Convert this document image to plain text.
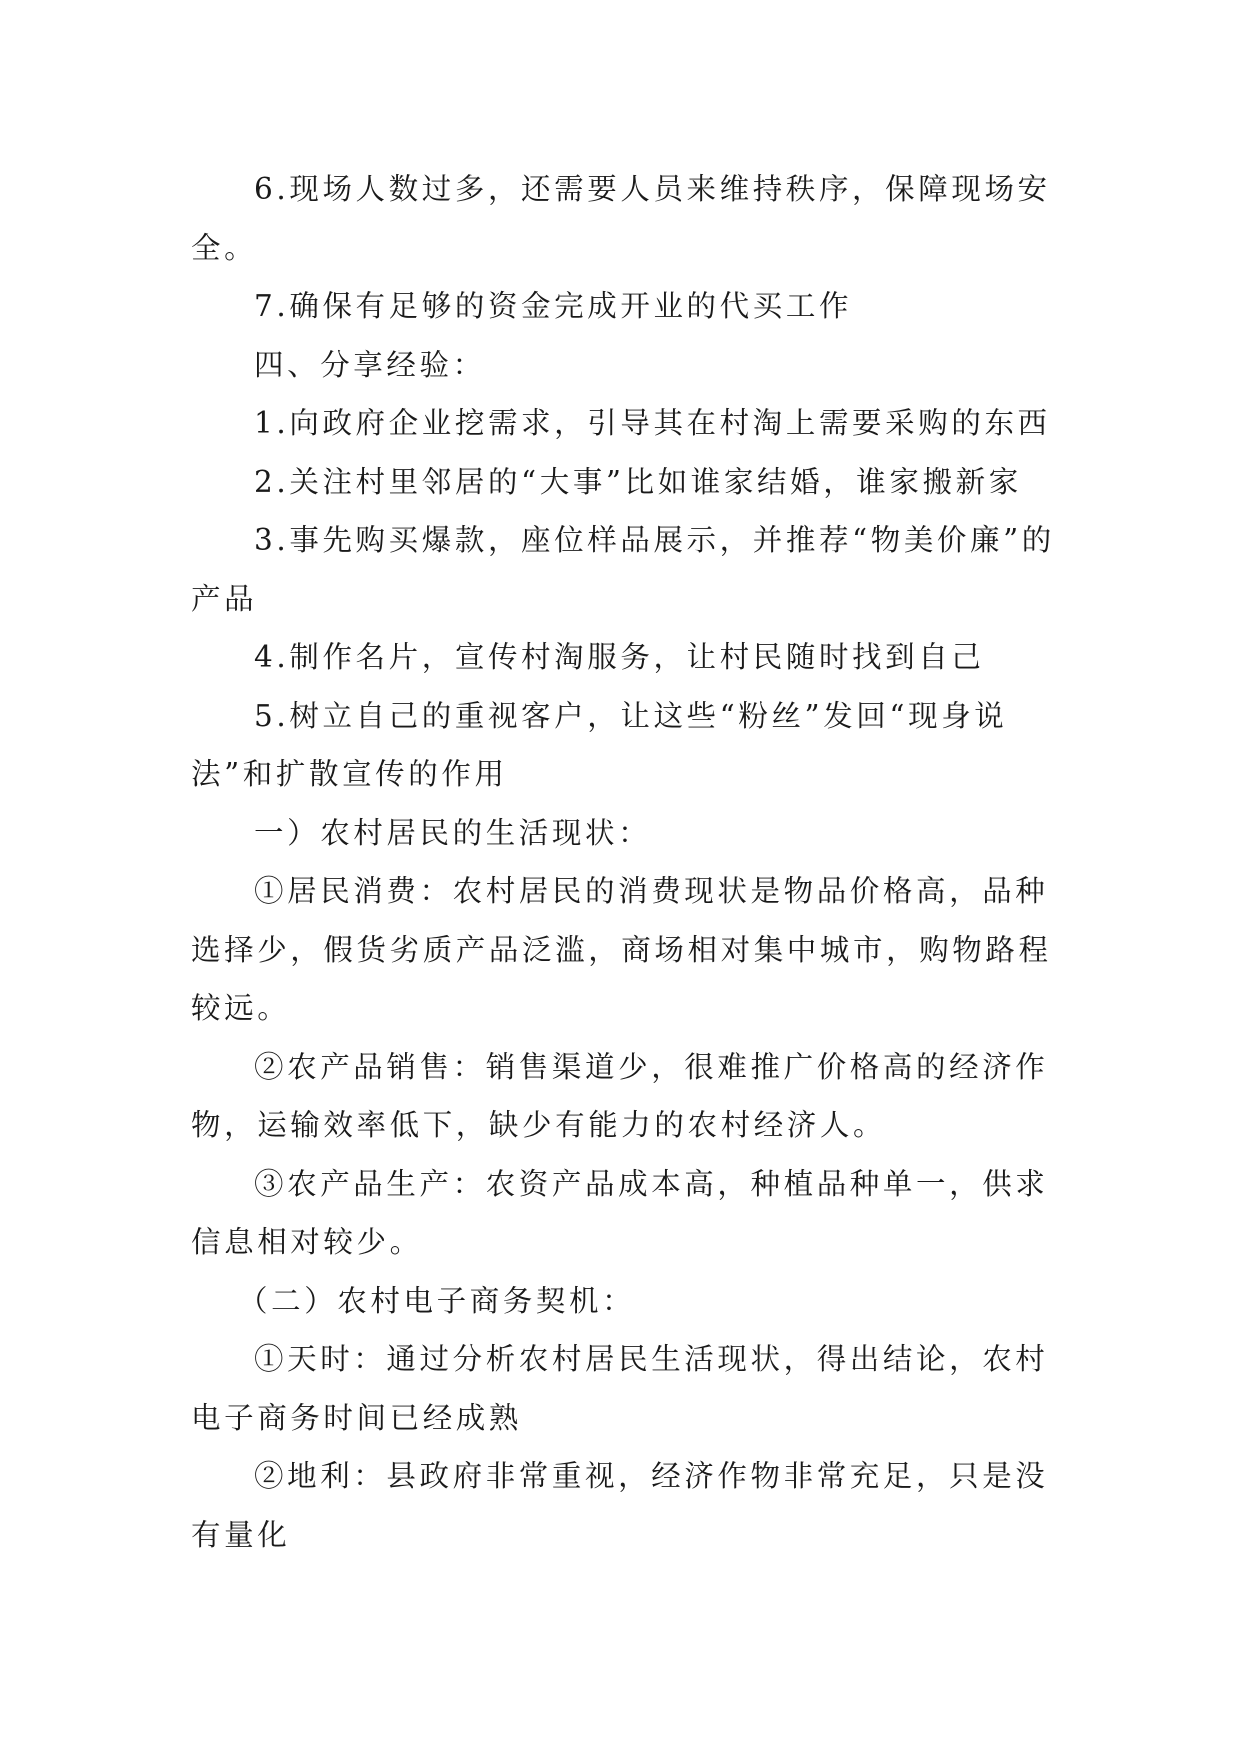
6.现场人数过多，还需要人员来维持秩序，保障现场安全。

7.确保有足够的资金完成开业的代买工作

四、分享经验：

1.向政府企业挖需求，引导其在村淘上需要采购的东西

2.关注村里邻居的“大事”比如谁家结婚，谁家搬新家

3.事先购买爆款，座位样品展示，并推荐“物美价廉”的产品

4.制作名片，宣传村淘服务，让村民随时找到自己

5.树立自己的重视客户，让这些“粉丝”发回“现身说法”和扩散宣传的作用

一）农村居民的生活现状：

①居民消费：农村居民的消费现状是物品价格高，品种选择少，假货劣质产品泛滥，商场相对集中城市，购物路程较远。

②农产品销售：销售渠道少，很难推广价格高的经济作物，运输效率低下，缺少有能力的农村经济人。

③农产品生产：农资产品成本高，种植品种单一，供求信息相对较少。

（二）农村电子商务契机：

①天时：通过分析农村居民生活现状，得出结论，农村电子商务时间已经成熟

②地利：县政府非常重视，经济作物非常充足，只是没有量化
